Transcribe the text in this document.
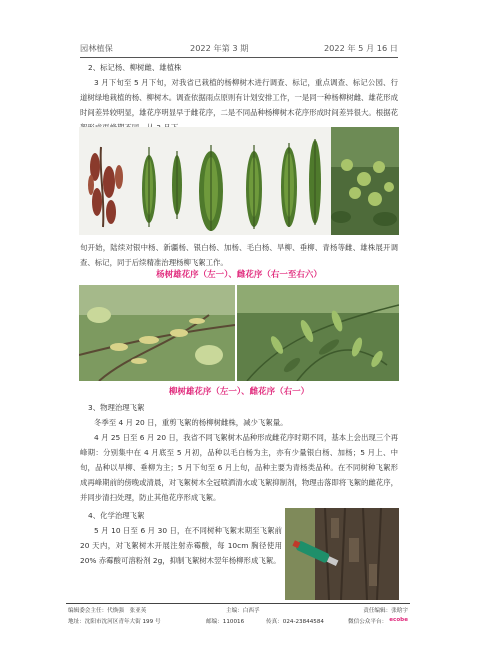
园林植保	2022 年第 3 期	2022 年 5 月 16 日

2、标记杨、柳树雌、雄植株

3 月下旬至 5 月下旬，对我省已栽植的杨柳树木进行调查、标记，重点调查、标记公园、行道树绿地栽植的杨、柳树木。调查依据雨点原则有计划安排工作，一是同一种杨柳树雌、雄花形成时间差异较明显，雄花序明显早于雌花序，二是不同品种杨柳树木花序形成时间差异很大。根据花

旬开始，陆续对银中杨、新疆杨、银白杨、加杨、毛白杨、旱柳、垂柳、青杨等雌、雄株展开调查、标记，同于后续精准治理杨柳飞絮工作。

杨树雄花序（左一）、雌花序（右一至右六）
柳树雄花序（左一）、雌花序（右一）

3、物理治理飞絮

冬季至 4 月 20 日，重剪飞絮的杨柳树雌株，减少飞絮量。

4 月 25 日至 6 月 20 日，我省不同飞絮树木品种形成雌花序时期不同，基本上会出现三个再峰期：分别集中在 4 月底至 5 月初，品种以毛白杨为主，亦有少量银白杨、加杨；5 月上、中旬，品种以旱柳、垂柳为主；5 月下旬至 6 月上旬，品种主要为青杨类品种。在不同树种飞絮形成再峰期前的傍晚或清晨，对飞絮树木全冠喷洒清水或飞絮抑制剂，物理击落即将飞絮的雌花序，并同步清扫处理，防止其他花序形成飞絮。

4、化学治理飞絮

5 月 10 日至 6 月 30 日，在不同树种飞絮末期至飞絮前 20 天内，对飞絮树木开展注射赤霉酸，每 10cm 胸径使用 20% 赤霉酸可溶粉剂 2g，抑制飞絮树木翌年杨柳形成飞絮。

编辑委会主任：代焕强　张亚英	主编：白西孚	责任编辑：张晗宇
地址：沈阳市沈河区青年大街 199 号	邮编：110016	传真：024-23844584	微信公众平台： ecobe
